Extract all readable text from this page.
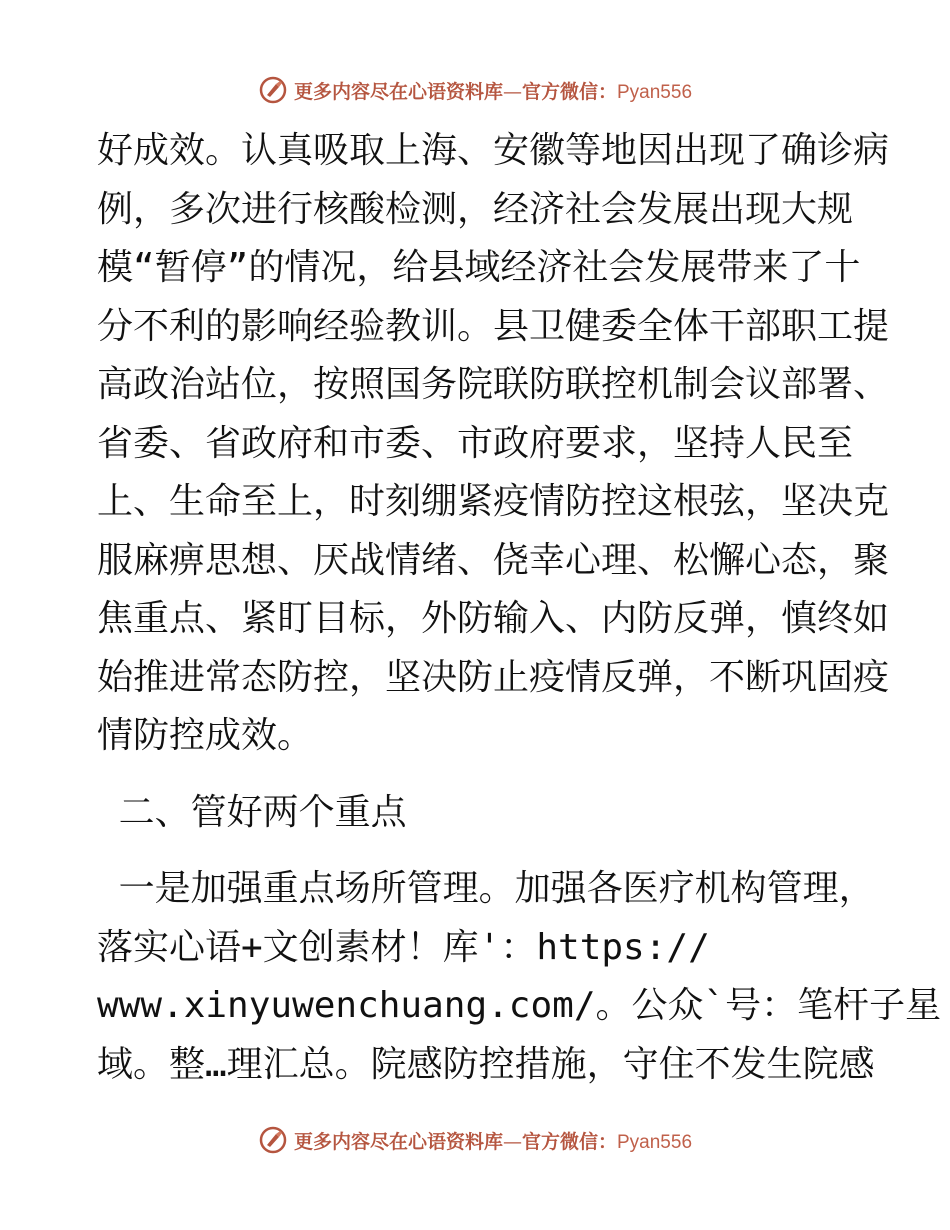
更多内容尽在心语资料库—官方微信：Pyan556
好成效。认真吸取上海、安徽等地因出现了确诊病
例，多次进行核酸检测，经济社会发展出现大规
模“暂停”的情况，给县域经济社会发展带来了十
分不利的影响经验教训。县卫健委全体干部职工提
高政治站位，按照国务院联防联控机制会议部署、
省委、省政府和市委、市政府要求，坚持人民至
上、生命至上，时刻绷紧疫情防控这根弦，坚决克
服麻痹思想、厌战情绪、侥幸心理、松懈心态，聚
焦重点、紧盯目标，外防输入、内防反弹，慎终如
始推进常态防控，坚决防止疫情反弹，不断巩固疫
情防控成效。
二、管好两个重点
一是加强重点场所管理。加强各医疗机构管理，
落实心语+文创素材！库'：https://
www.xinyuwenchuang.com/。公众`号：笔杆子星
域。整…理汇总。院感防控措施，守住不发生院感
更多内容尽在心语资料库—官方微信：Pyan556
